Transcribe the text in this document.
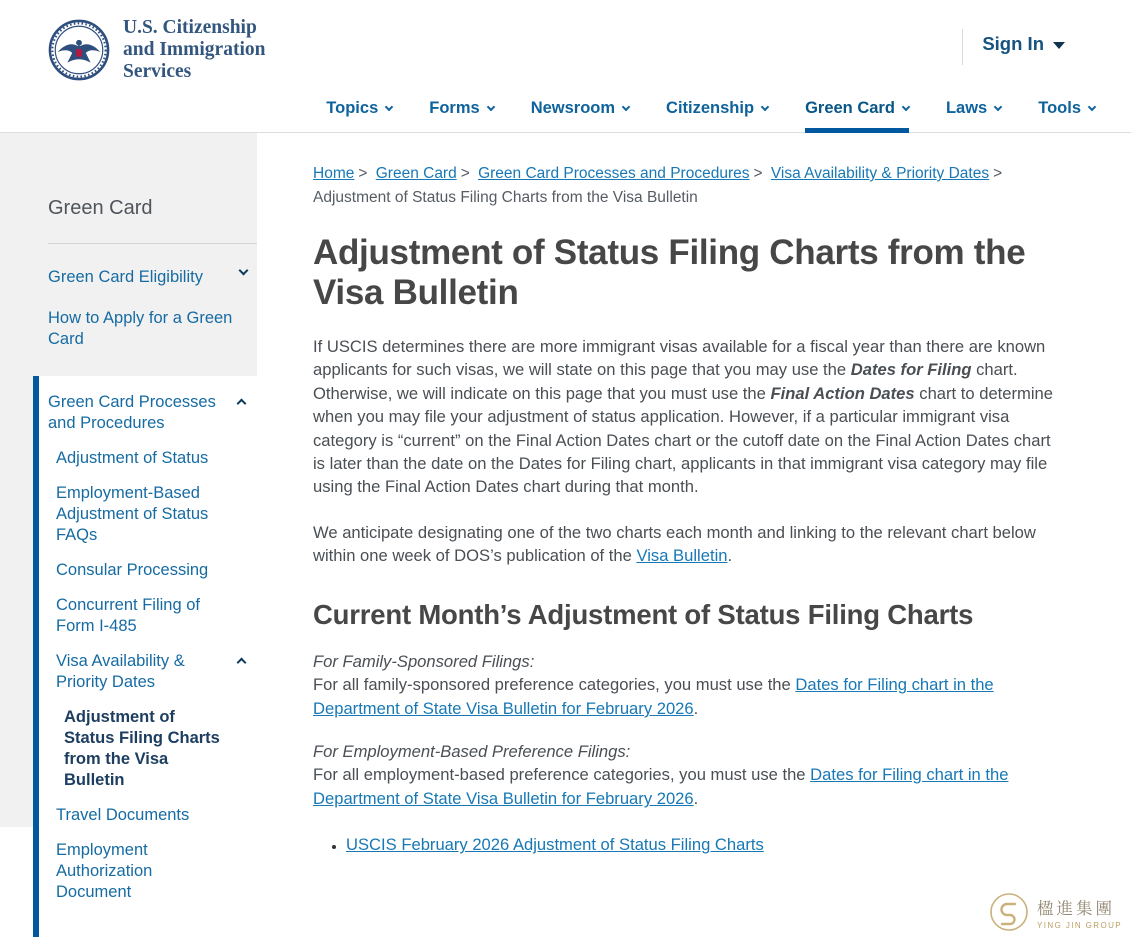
U.S. Citizenship
and Immigration
Services
Sign In
Topics	Forms	Newsroom	Citizenship	Green Card	Laws	Tools
Green Card
Green Card Eligibility
How to Apply for a Green Card
Green Card Processes and Procedures
Adjustment of Status
Employment-Based Adjustment of Status FAQs
Consular Processing
Concurrent Filing of Form I-485
Visa Availability & Priority Dates
Adjustment of Status Filing Charts from the Visa Bulletin
Travel Documents
Employment Authorization Document
Home > Green Card > Green Card Processes and Procedures > Visa Availability & Priority Dates > Adjustment of Status Filing Charts from the Visa Bulletin
Adjustment of Status Filing Charts from the Visa Bulletin

If USCIS determines there are more immigrant visas available for a fiscal year than there are known applicants for such visas, we will state on this page that you may use the Dates for Filing chart. Otherwise, we will indicate on this page that you must use the Final Action Dates chart to determine when you may file your adjustment of status application. However, if a particular immigrant visa category is “current” on the Final Action Dates chart or the cutoff date on the Final Action Dates chart is later than the date on the Dates for Filing chart, applicants in that immigrant visa category may file using the Final Action Dates chart during that month.

We anticipate designating one of the two charts each month and linking to the relevant chart below within one week of DOS’s publication of the Visa Bulletin.

Current Month’s Adjustment of Status Filing Charts
For Family-Sponsored Filings:
For all family-sponsored preference categories, you must use the Dates for Filing chart in the Department of State Visa Bulletin for February 2026.
For Employment-Based Preference Filings:
For all employment-based preference categories, you must use the Dates for Filing chart in the Department of State Visa Bulletin for February 2026.
• USCIS February 2026 Adjustment of Status Filing Charts
楹進集團
YING JIN GROUP
